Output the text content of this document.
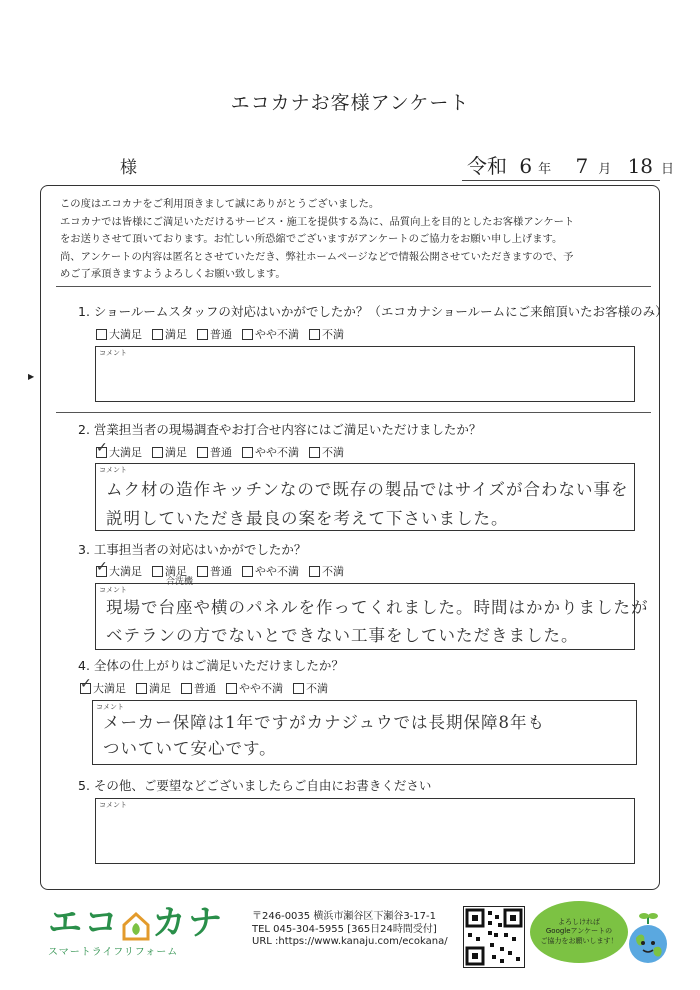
エコカナお客様アンケート
様	令和 6 年 7 月 18 日
▶
この度はエコカナをご利用頂きまして誠にありがとうございました。
エコカナでは皆様にご満足いただけるサービス・施工を提供する為に、品質向上を目的としたお客様アンケート
をお送りさせて頂いております。お忙しい所恐縮でございますがアンケートのご協力をお願い申し上げます。
尚、アンケートの内容は匿名とさせていただき、弊社ホームページなどで情報公開させていただきますので、予
めご了承頂きますようよろしくお願い致します。
1. ショールームスタッフの対応はいかがでしたか？（エコカナショールームにご来館頂いたお客様のみ）
大満足 満足 普通 やや不満 不満
コメント
2. 営業担当者の現場調査やお打合せ内容にはご満足いただけましたか？
✓ 大満足 満足 普通 やや不満 不満
コメント
ムク材の造作キッチンなので既存の製品ではサイズが合わない事を
説明していただき最良の案を考えて下さいました。
3. 工事担当者の対応はいかがでしたか？
✓ 大満足 満足 普通 やや不満 不満
コメント
合洗機
現場で台座や横のパネルを作ってくれました。時間はかかりましたが
ベテランの方でないとできない工事をしていただきました。
4. 全体の仕上がりはご満足いただけましたか？
✓ 大満足 満足 普通 やや不満 不満
コメント
メーカー保障は1年ですがカナジュウでは長期保障8年も
ついていて安心です。
5. その他、ご要望などございましたらご自由にお書きください
コメント
エコ カナ
スマートライフリフォーム
〒246-0035 横浜市瀬谷区下瀬谷3-17-1
TEL 045-304-5955 [365日24時間受付]
URL :https://www.kanaju.com/ecokana/
よろしければ
Googleアンケートの
ご協力をお願いします！
